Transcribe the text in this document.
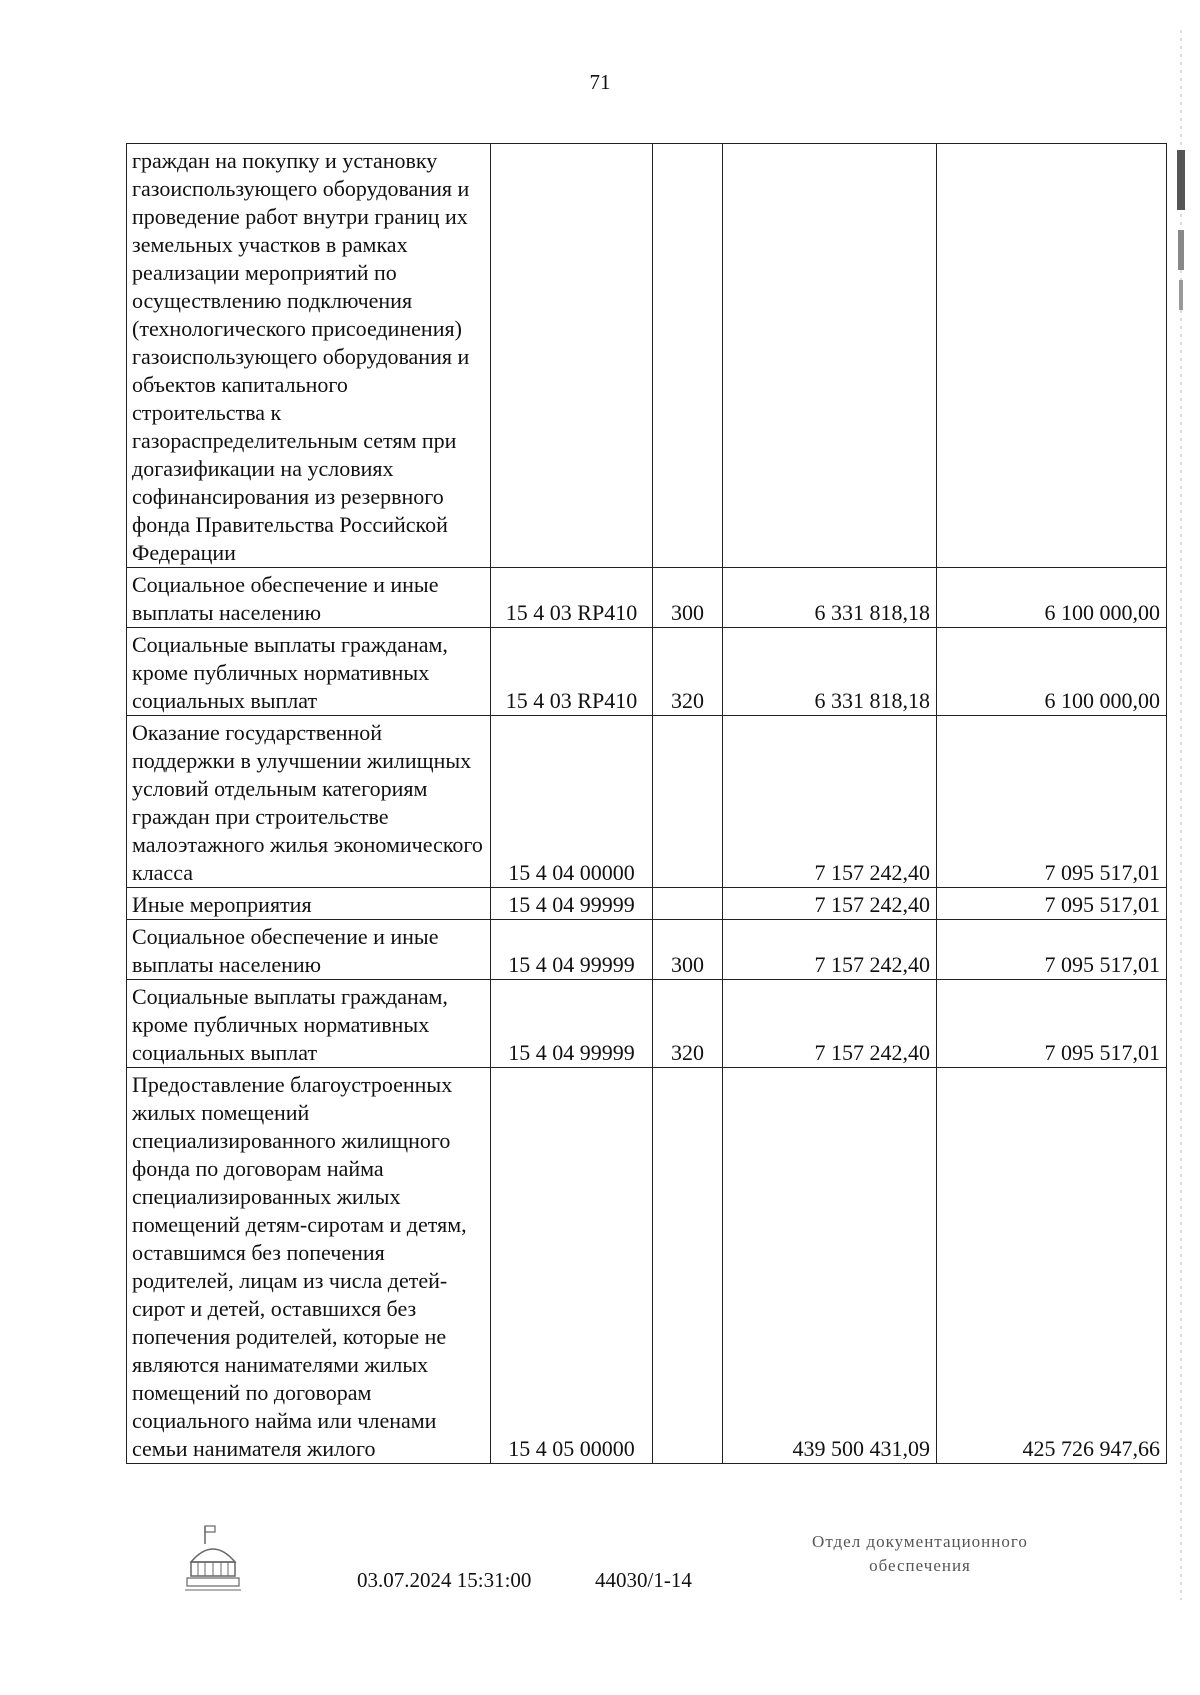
71
граждан на покупку и установку газоиспользующего оборудования и проведение работ внутри границ их земельных участков в рамках реализации мероприятий по осуществлению подключения (технологического присоединения) газоиспользующего оборудования и объектов капитального строительства к газораспределительным сетям при догазификации на условиях софинансирования из резервного фонда Правительства Российской Федерации				
Социальное обеспечение и иные выплаты населению	15 4 03 RP410	300	6 331 818,18	6 100 000,00
Социальные выплаты гражданам, кроме публичных нормативных социальных выплат	15 4 03 RP410	320	6 331 818,18	6 100 000,00
Оказание государственной поддержки в улучшении жилищных условий отдельным категориям граждан при строительстве малоэтажного жилья экономического класса	15 4 04 00000		7 157 242,40	7 095 517,01
Иные мероприятия	15 4 04 99999		7 157 242,40	7 095 517,01
Социальное обеспечение и иные выплаты населению	15 4 04 99999	300	7 157 242,40	7 095 517,01
Социальные выплаты гражданам, кроме публичных нормативных социальных выплат	15 4 04 99999	320	7 157 242,40	7 095 517,01
Предоставление благоустроенных жилых помещений специализированного жилищного фонда по договорам найма специализированных жилых помещений детям-сиротам и детям, оставшимся без попечения родителей, лицам из числа детей-сирот и детей, оставшихся без попечения родителей, которые не являются нанимателями жилых помещений по договорам социального найма или членами семьи нанимателя жилого	15 4 05 00000		439 500 431,09	425 726 947,66
03.07.2024 15:31:00	44030/1-14
Отдел документационного
обеспечения
